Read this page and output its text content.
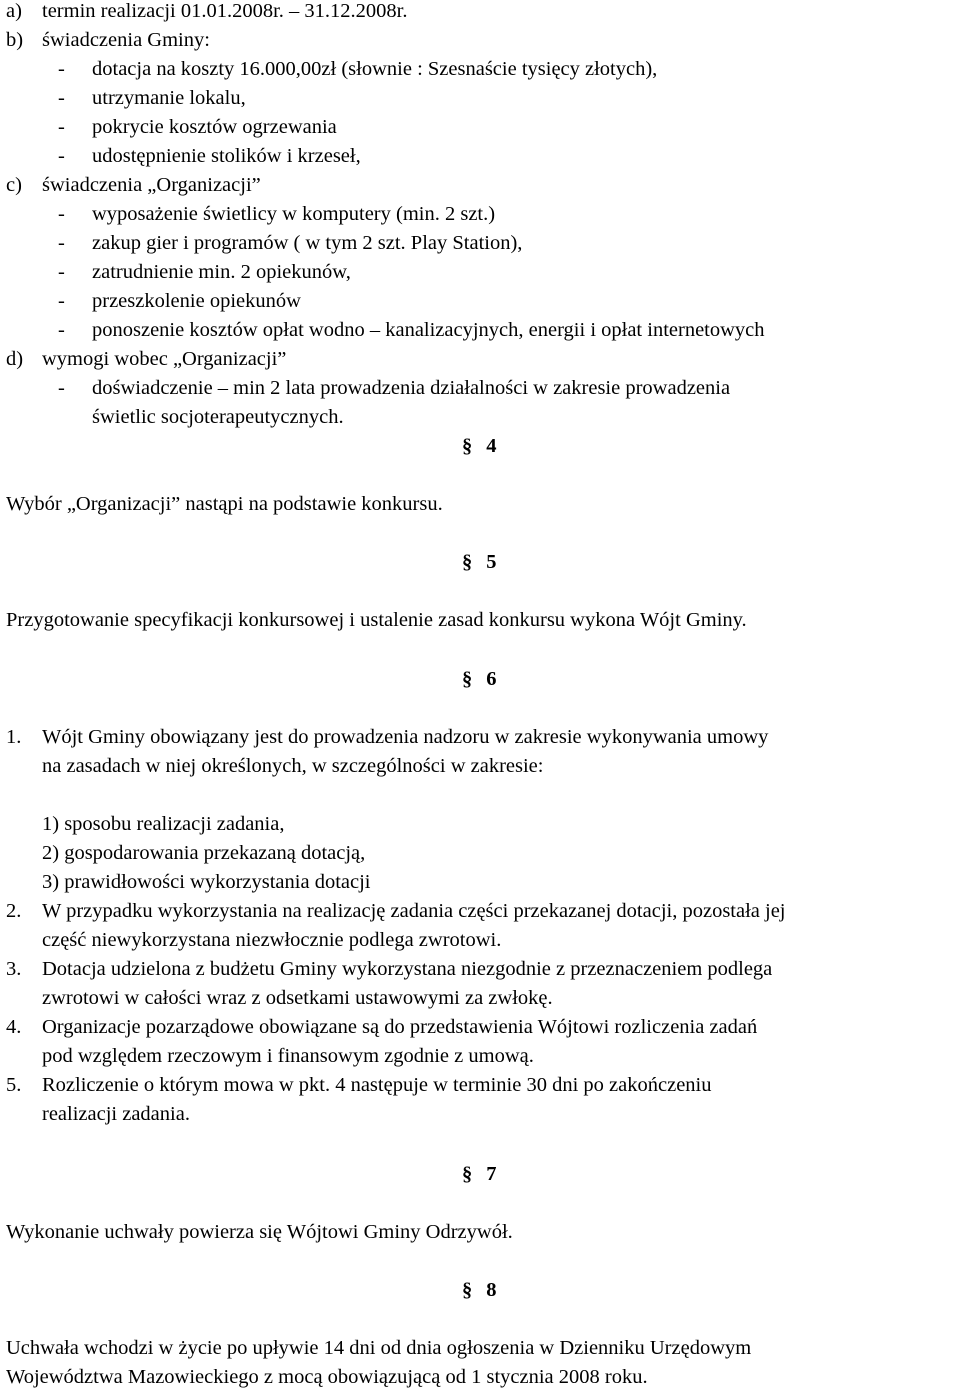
a) termin realizacji 01.01.2008r. – 31.12.2008r.
b) świadczenia Gminy:
- dotacja na koszty 16.000,00zł (słownie : Szesnaście tysięcy złotych),
- utrzymanie lokalu,
- pokrycie kosztów ogrzewania
- udostępnienie stolików i krzeseł,
c) świadczenia „Organizacji”
- wyposażenie świetlicy w komputery (min. 2 szt.)
- zakup gier i programów ( w tym 2 szt. Play Station),
- zatrudnienie min. 2 opiekunów,
- przeszkolenie opiekunów
- ponoszenie kosztów opłat wodno – kanalizacyjnych, energii i opłat internetowych
d) wymogi wobec „Organizacji”
- doświadczenie – min 2 lata prowadzenia działalności w zakresie prowadzenia
świetlic socjoterapeutycznych.
§ 4
Wybór „Organizacji” nastąpi na podstawie konkursu.
§ 5
Przygotowanie specyfikacji konkursowej i ustalenie zasad konkursu wykona Wójt Gminy.
§ 6
1. Wójt Gminy obowiązany jest do prowadzenia nadzoru w zakresie wykonywania umowy
na zasadach w niej określonych, w szczególności w zakresie:
1) sposobu realizacji zadania,
2) gospodarowania przekazaną dotacją,
3) prawidłowości wykorzystania dotacji
2. W przypadku wykorzystania na realizację zadania części przekazanej dotacji, pozostała jej
część niewykorzystana niezwłocznie podlega zwrotowi.
3. Dotacja udzielona z budżetu Gminy wykorzystana niezgodnie z przeznaczeniem podlega
zwrotowi w całości wraz z odsetkami ustawowymi za zwłokę.
4. Organizacje pozarządowe obowiązane są do przedstawienia Wójtowi rozliczenia zadań
pod względem rzeczowym i finansowym zgodnie z umową.
5. Rozliczenie o którym mowa w pkt. 4 następuje w terminie 30 dni po zakończeniu
realizacji zadania.
§ 7
Wykonanie uchwały powierza się Wójtowi Gminy Odrzywół.
§ 8
Uchwała wchodzi w życie po upływie 14 dni od dnia ogłoszenia w Dzienniku Urzędowym
Województwa Mazowieckiego z mocą obowiązującą od 1 stycznia 2008 roku.
